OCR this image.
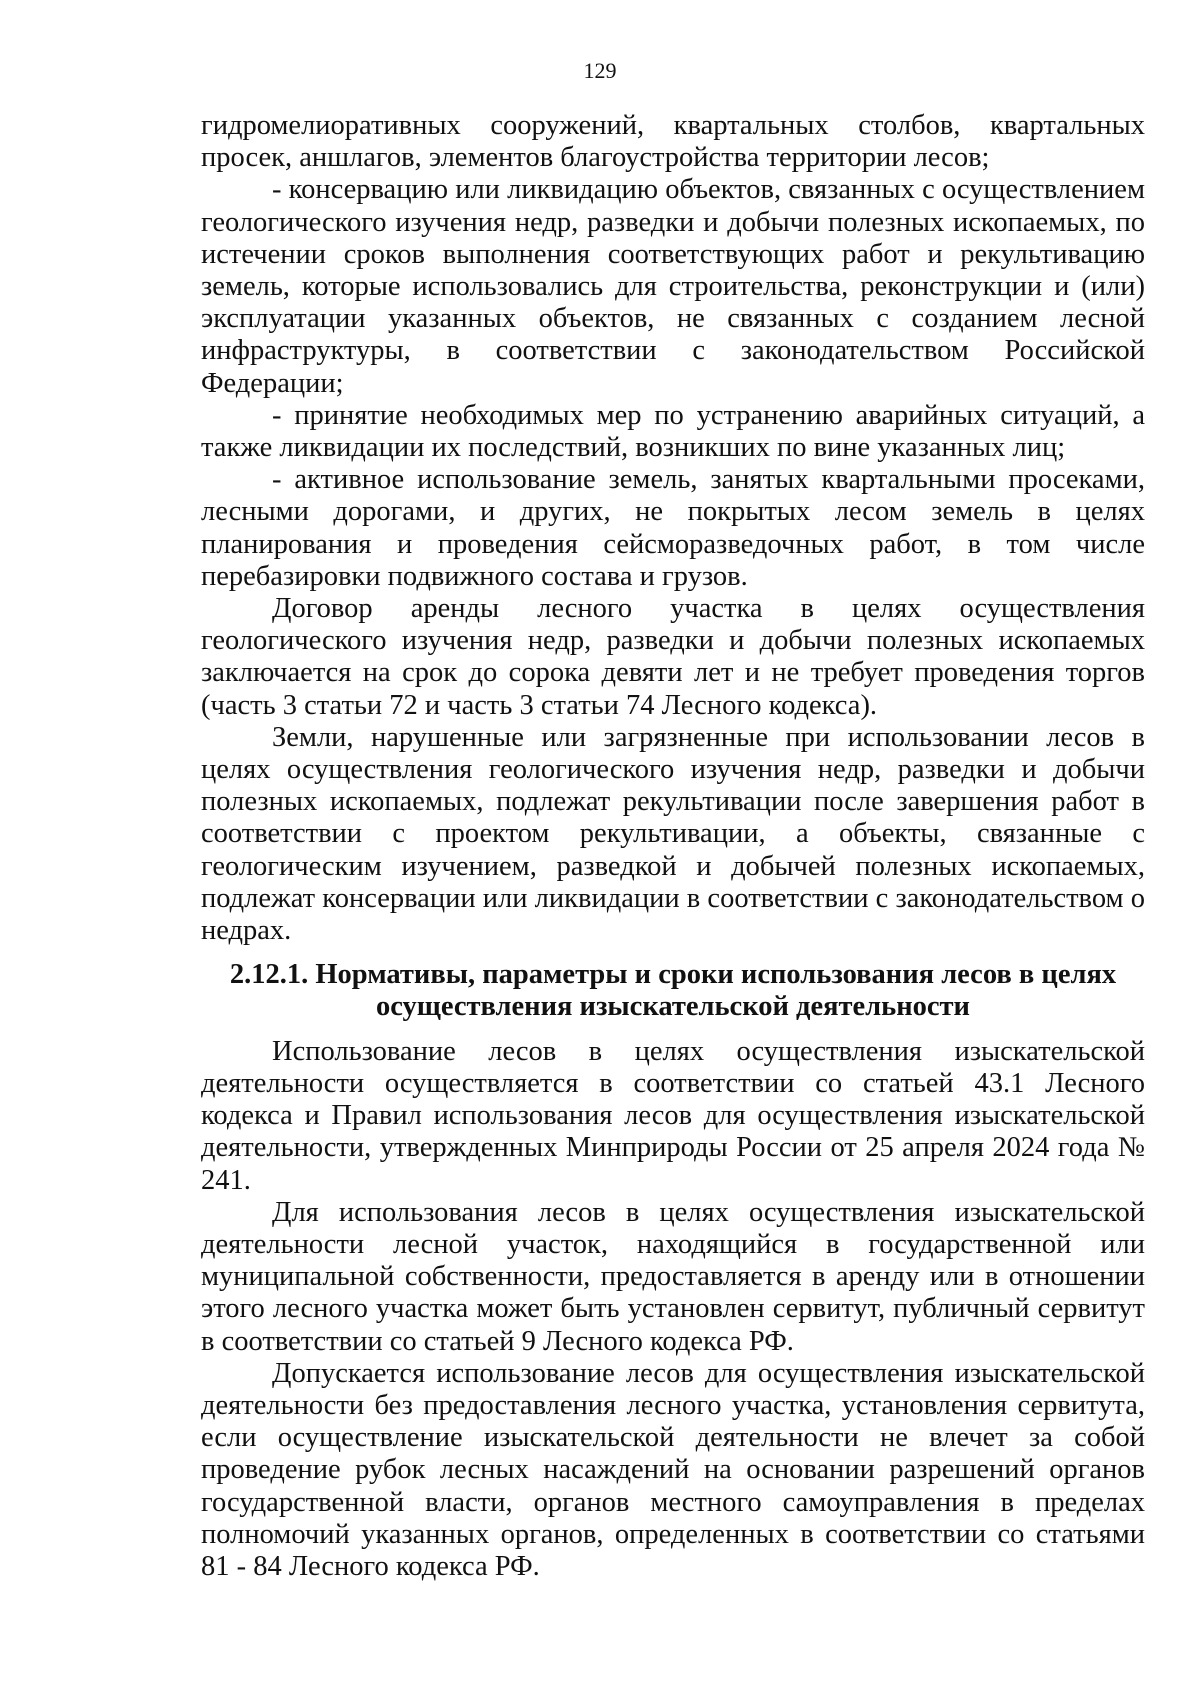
129

гидромелиоративных сооружений, квартальных столбов, квартальных просек, аншлагов, элементов благоустройства территории лесов;

- консервацию или ликвидацию объектов, связанных с осуществлением геологического изучения недр, разведки и добычи полезных ископаемых, по истечении сроков выполнения соответствующих работ и рекультивацию земель, которые использовались для строительства, реконструкции и (или) эксплуатации указанных объектов, не связанных с созданием лесной инфраструктуры, в соответствии с законодательством Российской Федерации;

- принятие необходимых мер по устранению аварийных ситуаций, а также ликвидации их последствий, возникших по вине указанных лиц;

- активное использование земель, занятых квартальными просеками, лесными дорогами, и других, не покрытых лесом земель в целях планирования и проведения сейсморазведочных работ, в том числе перебазировки подвижного состава и грузов.

Договор аренды лесного участка в целях осуществления геологического изучения недр, разведки и добычи полезных ископаемых заключается на срок до сорока девяти лет и не требует проведения торгов (часть 3 статьи 72 и часть 3 статьи 74 Лесного кодекса).

Земли, нарушенные или загрязненные при использовании лесов в целях осуществления геологического изучения недр, разведки и добычи полезных ископаемых, подлежат рекультивации после завершения работ в соответствии с проектом рекультивации, а объекты, связанные с геологическим изучением, разведкой и добычей полезных ископаемых, подлежат консервации или ликвидации в соответствии с законодательством о недрах.

2.12.1. Нормативы, параметры и сроки использования лесов в целях
осуществления изыскательской деятельности

Использование лесов в целях осуществления изыскательской деятельности осуществляется в соответствии со статьей 43.1 Лесного кодекса и Правил использования лесов для осуществления изыскательской деятельности, утвержденных Минприроды России от 25 апреля 2024 года № 241.

Для использования лесов в целях осуществления изыскательской деятельности лесной участок, находящийся в государственной или муниципальной собственности, предоставляется в аренду или в отношении этого лесного участка может быть установлен сервитут, публичный сервитут в соответствии со статьей 9 Лесного кодекса РФ.

Допускается использование лесов для осуществления изыскательской деятельности без предоставления лесного участка, установления сервитута, если осуществление изыскательской деятельности не влечет за собой проведение рубок лесных насаждений на основании разрешений органов государственной власти, органов местного самоуправления в пределах полномочий указанных органов, определенных в соответствии со статьями 81 - 84 Лесного кодекса РФ.
